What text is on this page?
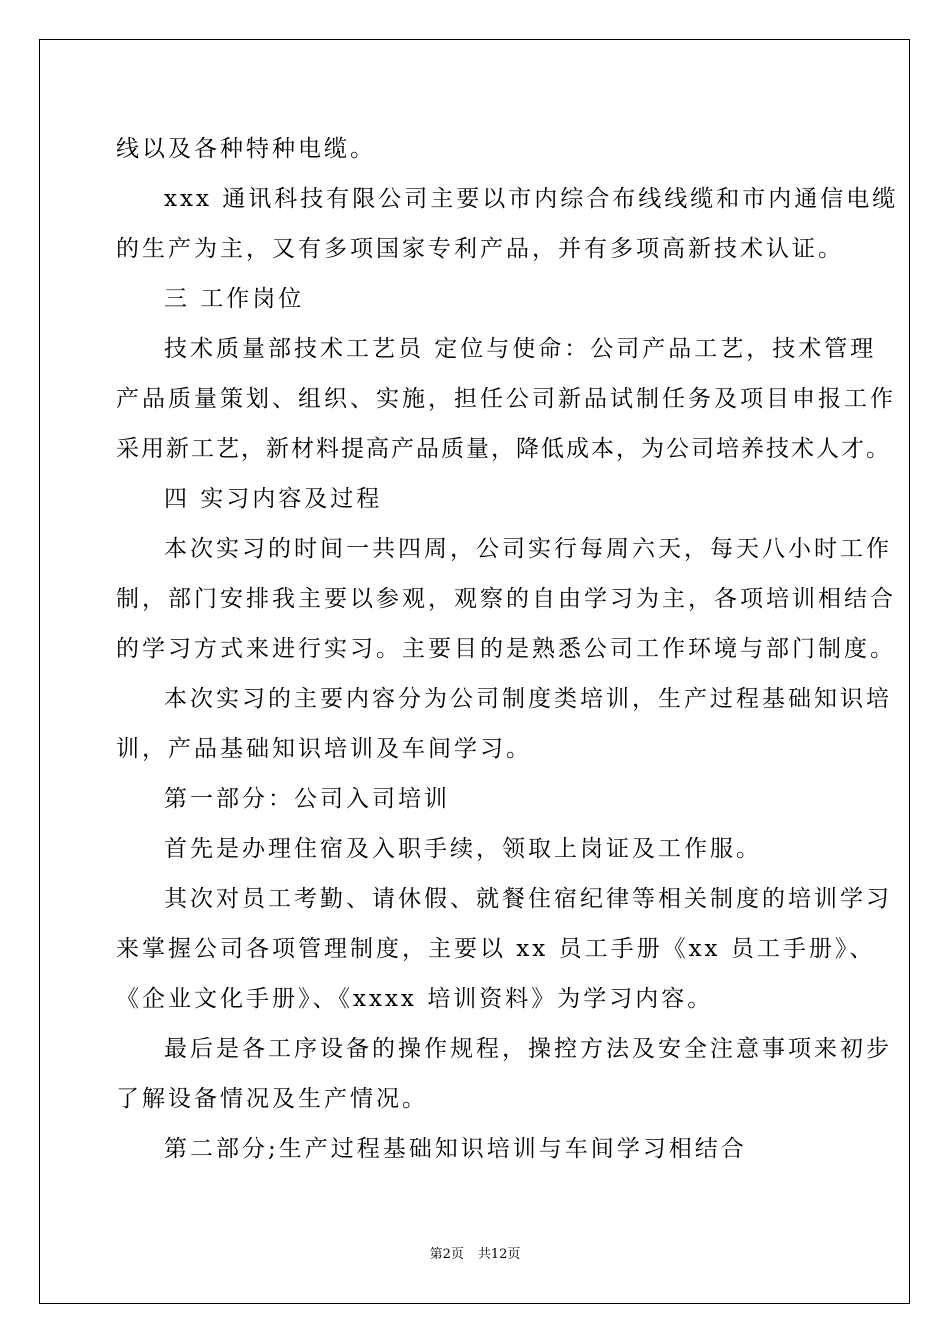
线以及各种特种电缆。
xxx 通讯科技有限公司主要以市内综合布线线缆和市内通信电缆
的生产为主，又有多项国家专利产品，并有多项高新技术认证。
三 工作岗位
技术质量部技术工艺员 定位与使命：公司产品工艺，技术管理
产品质量策划、组织、实施，担任公司新品试制任务及项目申报工作
采用新工艺，新材料提高产品质量，降低成本，为公司培养技术人才。
四 实习内容及过程
本次实习的时间一共四周，公司实行每周六天，每天八小时工作
制，部门安排我主要以参观，观察的自由学习为主，各项培训相结合
的学习方式来进行实习。主要目的是熟悉公司工作环境与部门制度。
本次实习的主要内容分为公司制度类培训，生产过程基础知识培
训，产品基础知识培训及车间学习。
第一部分：公司入司培训
首先是办理住宿及入职手续，领取上岗证及工作服。
其次对员工考勤、请休假、就餐住宿纪律等相关制度的培训学习
来掌握公司各项管理制度，主要以 xx 员工手册《xx 员工手册》、
《企业文化手册》、《xxxx 培训资料》为学习内容。
最后是各工序设备的操作规程，操控方法及安全注意事项来初步
了解设备情况及生产情况。
第二部分;生产过程基础知识培训与车间学习相结合
第2页 共12页
